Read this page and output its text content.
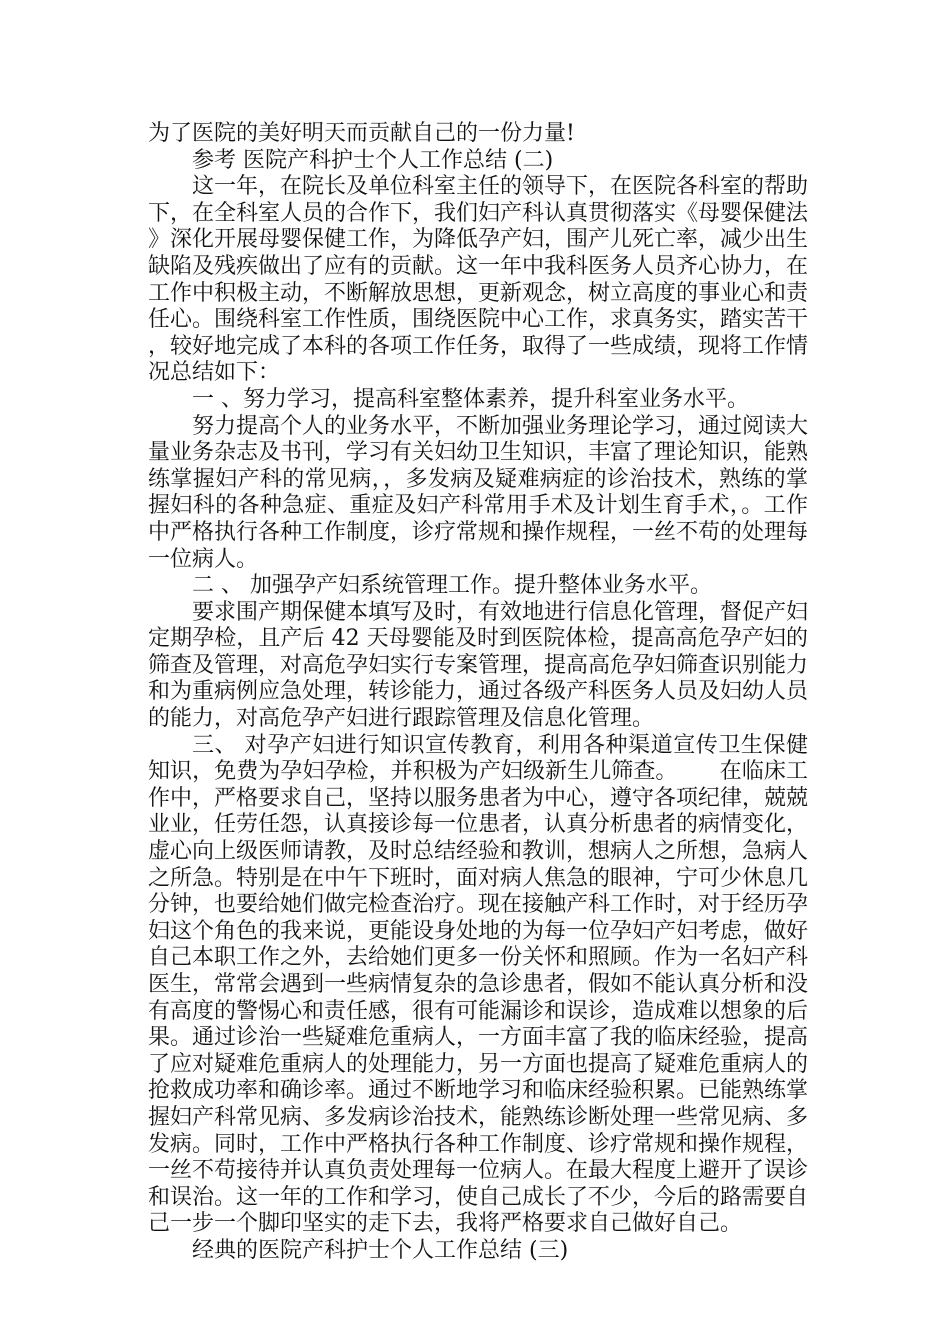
为了医院的美好明天而贡献自己的一份力量!

参考 医院产科护士个人工作总结 (二)

这一年，在院长及单位科室主任的领导下，在医院各科室的帮助下，在全科室人员的合作下，我们妇产科认真贯彻落实《母婴保健法》深化开展母婴保健工作，为降低孕产妇，围产儿死亡率，减少出生缺陷及残疾做出了应有的贡献。这一年中我科医务人员齐心协力，在工作中积极主动，不断解放思想，更新观念，树立高度的事业心和责任心。围绕科室工作性质，围绕医院中心工作，求真务实，踏实苦干，较好地完成了本科的各项工作任务，取得了一些成绩，现将工作情况总结如下：

一 、努力学习，提高科室整体素养，提升科室业务水平。

努力提高个人的业务水平，不断加强业务理论学习，通过阅读大量业务杂志及书刊，学习有关妇幼卫生知识，丰富了理论知识，能熟练掌握妇产科的常见病，，多发病及疑难病症的诊治技术，熟练的掌握妇科的各种急症、重症及妇产科常用手术及计划生育手术，。工作中严格执行各种工作制度，诊疗常规和操作规程，一丝不苟的处理每一位病人。

二 、 加强孕产妇系统管理工作。提升整体业务水平。

要求围产期保健本填写及时，有效地进行信息化管理，督促产妇定期孕检，且产后 42 天母婴能及时到医院体检，提高高危孕产妇的筛查及管理，对高危孕妇实行专案管理，提高高危孕妇筛查识别能力和为重病例应急处理，转诊能力，通过各级产科医务人员及妇幼人员的能力，对高危孕产妇进行跟踪管理及信息化管理。

三、 对孕产妇进行知识宣传教育，利用各种渠道宣传卫生保健知识，免费为孕妇孕检，并积极为产妇级新生儿筛查。      在临床工作中，严格要求自己，坚持以服务患者为中心，遵守各项纪律，兢兢业业，任劳任怨，认真接诊每一位患者，认真分析患者的病情变化，虚心向上级医师请教，及时总结经验和教训，想病人之所想，急病人之所急。特别是在中午下班时，面对病人焦急的眼神，宁可少休息几分钟，也要给她们做完检查治疗。现在接触产科工作时，对于经历孕妇这个角色的我来说，更能设身处地的为每一位孕妇产妇考虑，做好自己本职工作之外，去给她们更多一份关怀和照顾。作为一名妇产科医生，常常会遇到一些病情复杂的急诊患者，假如不能认真分析和没有高度的警惕心和责任感，很有可能漏诊和误诊，造成难以想象的后果。通过诊治一些疑难危重病人，一方面丰富了我的临床经验，提高了应对疑难危重病人的处理能力，另一方面也提高了疑难危重病人的抢救成功率和确诊率。通过不断地学习和临床经验积累。已能熟练掌握妇产科常见病、多发病诊治技术，能熟练诊断处理一些常见病、多发病。同时，工作中严格执行各种工作制度、诊疗常规和操作规程，一丝不苟接待并认真负责处理每一位病人。在最大程度上避开了误诊和误治。这一年的工作和学习，使自己成长了不少，今后的路需要自己一步一个脚印坚实的走下去，我将严格要求自己做好自己。

经典的医院产科护士个人工作总结 (三)
